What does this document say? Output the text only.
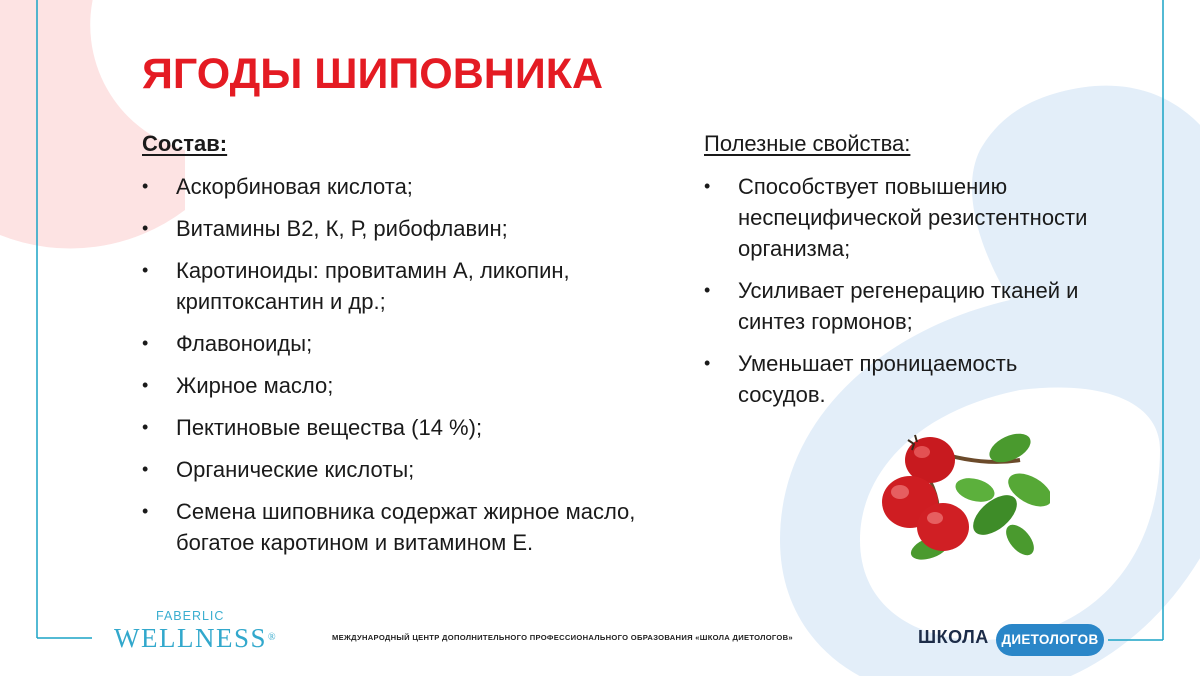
ЯГОДЫ ШИПОВНИКА
Состав:
•	Аскорбиновая кислота;
•	Витамины В2, К, Р, рибофлавин;
•	Каротиноиды: провитамин А, ликопин, криптоксантин и др.;
•	Флавоноиды;
•	Жирное масло;
•	Пектиновые вещества (14 %);
•	Органические кислоты;
•	Семена шиповника содержат жирное масло, богатое каротином и витамином Е.
Полезные свойства:
•	Способствует повышению неспецифической резистентности организма;
•	Усиливает регенерацию тканей и синтез гормонов;
•	Уменьшает проницаемость сосудов.
FABERLIC
WELLNESS®	МЕЖДУНАРОДНЫЙ ЦЕНТР ДОПОЛНИТЕЛЬНОГО ПРОФЕССИОНАЛЬНОГО ОБРАЗОВАНИЯ «ШКОЛА ДИЕТОЛОГОВ»	ШКОЛА ДИЕТОЛОГОВ
